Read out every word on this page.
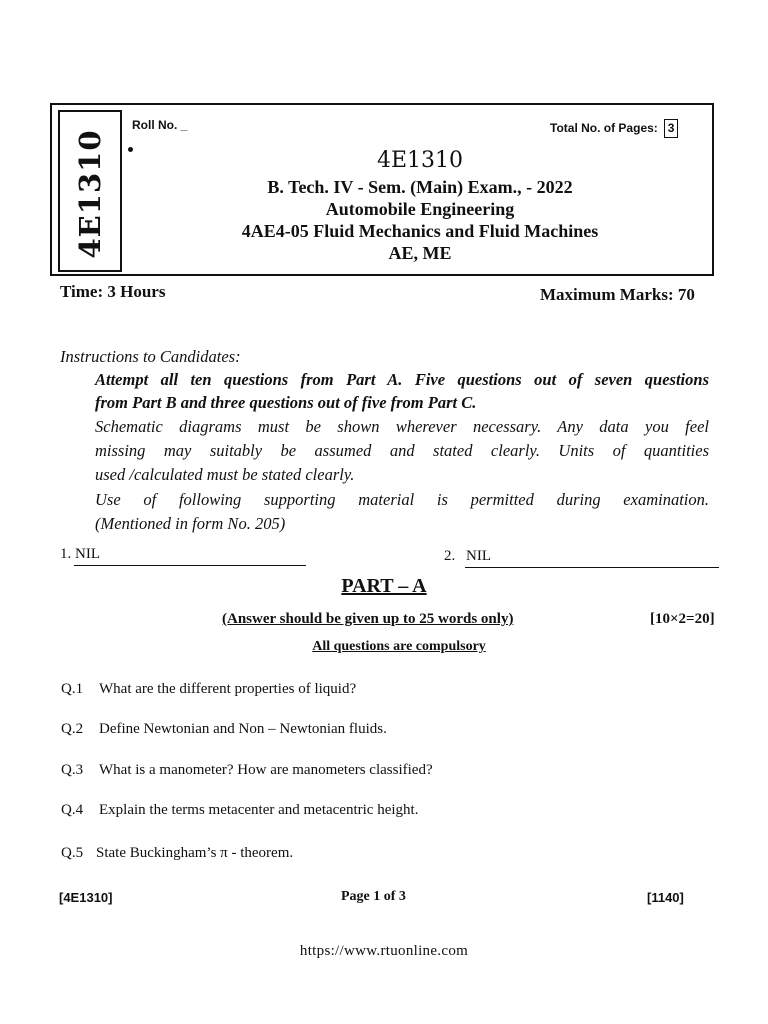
4E1310
Roll No. _	Total No. of Pages: 3
4E1310
B. Tech. IV - Sem. (Main) Exam., - 2022
Automobile Engineering
4AE4-05 Fluid Mechanics and Fluid Machines
AE, ME
Time: 3 Hours	Maximum Marks: 70
Instructions to Candidates:
Attempt all ten questions from Part A. Five questions out of seven questions
from Part B and three questions out of five from Part C.
Schematic diagrams must be shown wherever necessary. Any data you feel
missing may suitably be assumed and stated clearly. Units of quantities
used /calculated must be stated clearly.
Use of following supporting material is permitted during examination.
(Mentioned in form No. 205)
1. NIL	2. NIL
PART – A
(Answer should be given up to 25 words only)	[10×2=20]
All questions are compulsory
Q.1 What are the different properties of liquid?
Q.2 Define Newtonian and Non – Newtonian fluids.
Q.3 What is a manometer? How are manometers classified?
Q.4 Explain the terms metacenter and metacentric height.
Q.5 State Buckingham’s π - theorem.
[4E1310]	Page 1 of 3	[1140]
https://www.rtuonline.com
